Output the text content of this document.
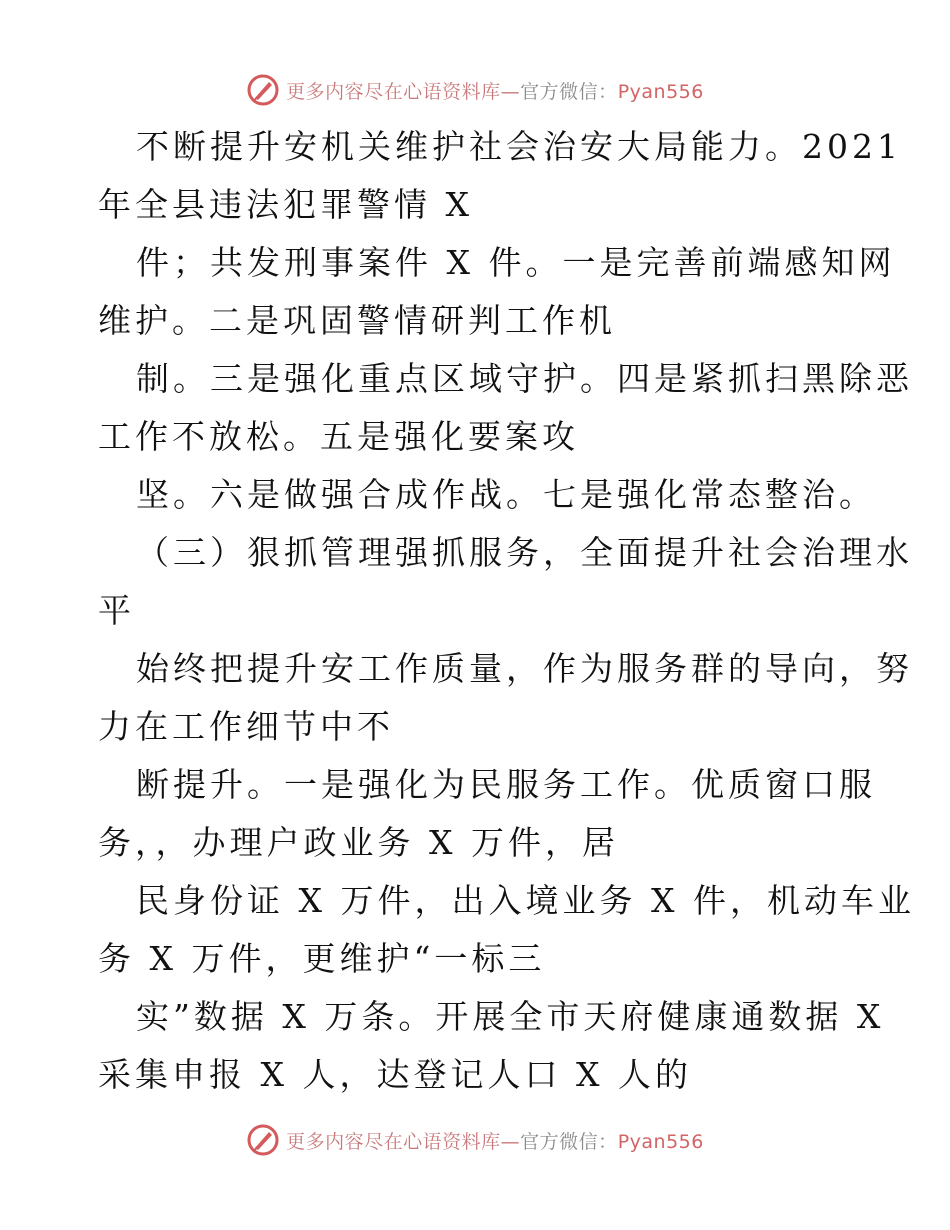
更多内容尽在心语资料库—官方微信：Pyan556
不断提升安机关维护社会治安大局能力。2021
年全县违法犯罪警情 X
件；共发刑事案件 X 件。一是完善前端感知网
维护。二是巩固警情研判工作机
制。三是强化重点区域守护。四是紧抓扫黑除恶
工作不放松。五是强化要案攻
坚。六是做强合成作战。七是强化常态整治。
（三）狠抓管理强抓服务，全面提升社会治理水
平
始终把提升安工作质量，作为服务群的导向，努
力在工作细节中不
断提升。一是强化为民服务工作。优质窗口服
务，，办理户政业务 X 万件，居
民身份证 X 万件，出入境业务 X 件，机动车业
务 X 万件，更维护“一标三
实”数据 X 万条。开展全市天府健康通数据 X
采集申报 X 人，达登记人口 X 人的
更多内容尽在心语资料库—官方微信：Pyan556
